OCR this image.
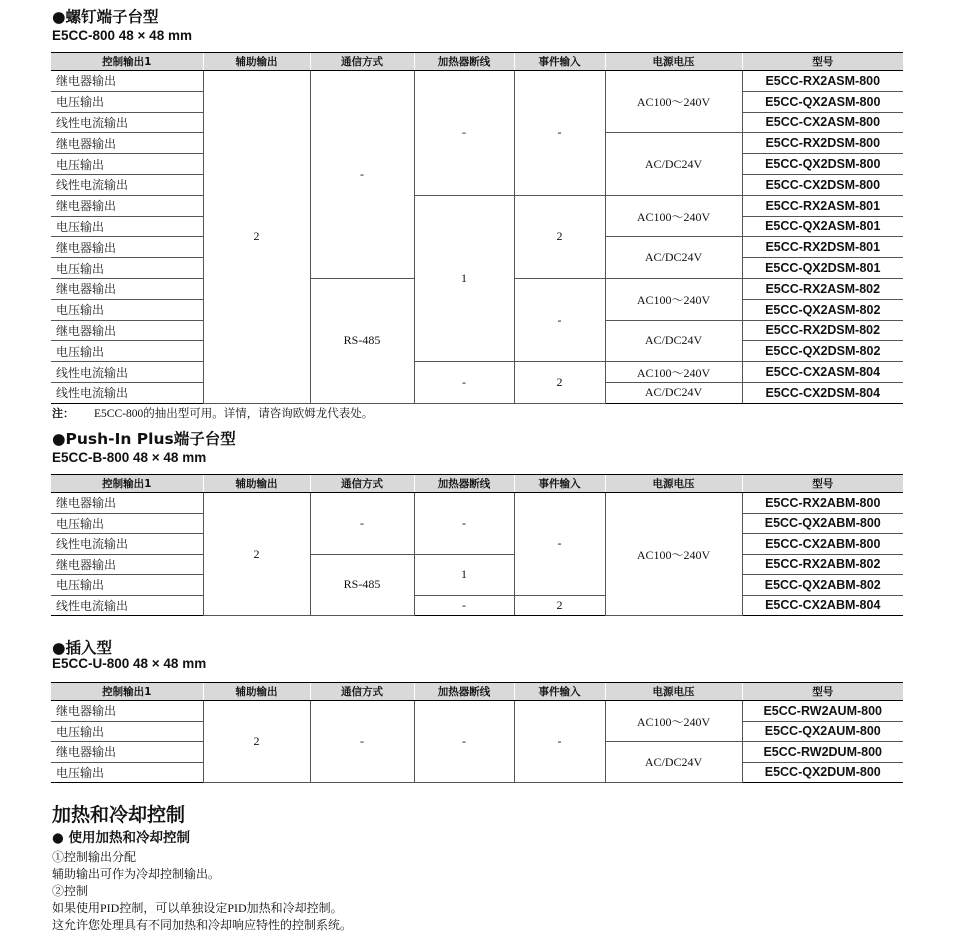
●螺钉端子台型
E5CC-800 48 × 48 mm
控制输出1	辅助输出	通信方式	加热器断线	事件输入	电源电压	型号
继电器输出	2	-	-	-	AC100～240V	E5CC-RX2ASM-800
电压输出						E5CC-QX2ASM-800
线性电流输出						E5CC-CX2ASM-800
继电器输出					AC/DC24V	E5CC-RX2DSM-800
电压输出						E5CC-QX2DSM-800
线性电流输出						E5CC-CX2DSM-800
继电器输出			1	2	AC100～240V	E5CC-RX2ASM-801
电压输出						E5CC-QX2ASM-801
继电器输出					AC/DC24V	E5CC-RX2DSM-801
电压输出						E5CC-QX2DSM-801
继电器输出		RS-485		-	AC100～240V	E5CC-RX2ASM-802
电压输出						E5CC-QX2ASM-802
继电器输出					AC/DC24V	E5CC-RX2DSM-802
电压输出						E5CC-QX2DSM-802
线性电流输出			-	2	AC100～240V	E5CC-CX2ASM-804
线性电流输出					AC/DC24V	E5CC-CX2DSM-804
注： E5CC-800的抽出型可用。详情，请咨询欧姆龙代表处。
●Push-In Plus端子台型
E5CC-B-800 48 × 48 mm
控制输出1	辅助输出	通信方式	加热器断线	事件输入	电源电压	型号
继电器输出	2	-	-	-	AC100～240V	E5CC-RX2ABM-800
电压输出						E5CC-QX2ABM-800
线性电流输出						E5CC-CX2ABM-800
继电器输出		RS-485	1			E5CC-RX2ABM-802
电压输出						E5CC-QX2ABM-802
线性电流输出			-	2		E5CC-CX2ABM-804
●插入型
E5CC-U-800 48 × 48 mm
控制输出1	辅助输出	通信方式	加热器断线	事件输入	电源电压	型号
继电器输出	2	-	-	-	AC100～240V	E5CC-RW2AUM-800
电压输出						E5CC-QX2AUM-800
继电器输出					AC/DC24V	E5CC-RW2DUM-800
电压输出						E5CC-QX2DUM-800
加热和冷却控制
● 使用加热和冷却控制
①控制输出分配
辅助输出可作为冷却控制输出。
②控制
如果使用PID控制，可以单独设定PID加热和冷却控制。
这允许您处理具有不同加热和冷却响应特性的控制系统。
